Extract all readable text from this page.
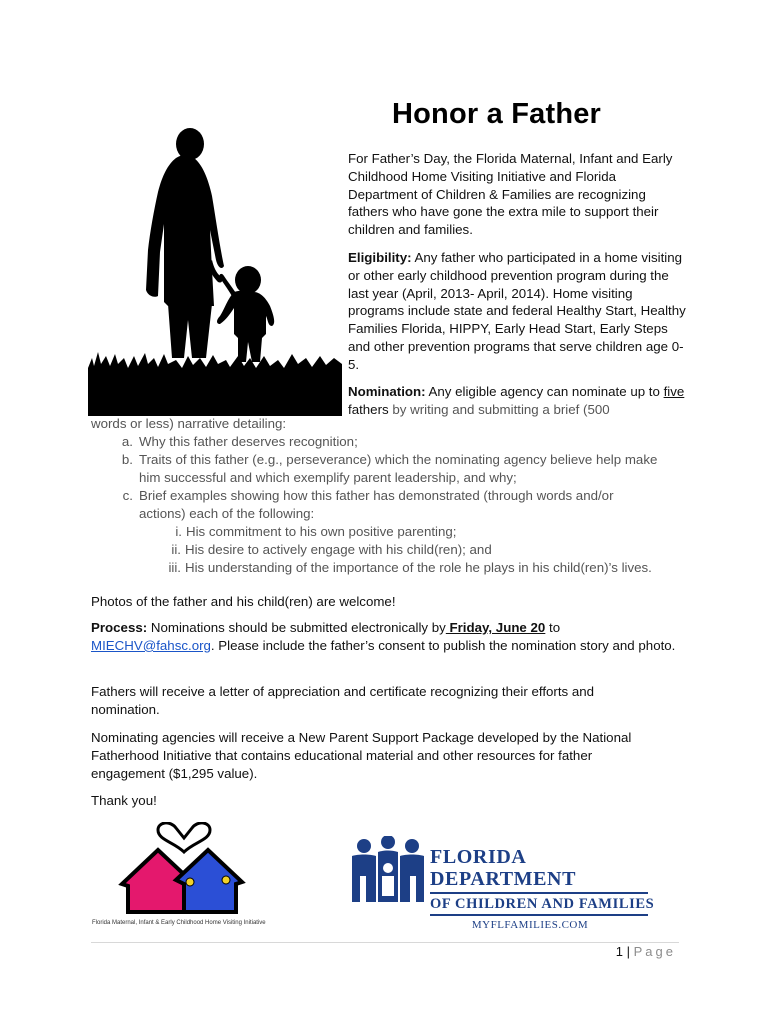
Honor a Father

For Father’s Day, the Florida Maternal, Infant and Early Childhood Home Visiting Initiative and Florida Department of Children & Families are recognizing fathers who have gone the extra mile to support their children and families.

Eligibility: Any father who participated in a home visiting or other early childhood prevention program during the last year (April, 2013- April, 2014). Home visiting programs include state and federal Healthy Start, Healthy Families Florida, HIPPY, Early Head Start, Early Steps and other prevention programs that serve children age 0-5.

Nomination: Any eligible agency can nominate up to five fathers by writing and submitting a brief (500

words or less) narrative detailing:
a. Why this father deserves recognition;
b. Traits of this father (e.g., perseverance) which the nominating agency believe help make
him successful and which exemplify parent leadership, and why;
c. Brief examples showing how this father has demonstrated (through words and/or
actions) each of the following:
i. His commitment to his own positive parenting;
ii. His desire to actively engage with his child(ren); and
iii. His understanding of the importance of the role he plays in his child(ren)’s lives.

Photos of the father and his child(ren) are welcome!

Process: Nominations should be submitted electronically by Friday, June 20 to
MIECHV@fahsc.org. Please include the father’s consent to publish the nomination story and photo.

Fathers will receive a letter of appreciation and certificate recognizing their efforts and nomination.

Nominating agencies will receive a New Parent Support Package developed by the National Fatherhood Initiative that contains educational material and other resources for father engagement ($1,295 value).

Thank you!

Florida Maternal, Infant & Early Childhood Home Visiting Initiative
FLORIDA DEPARTMENT
OF CHILDREN AND FAMILIES
MYFLFAMILIES.COM
1 | Page
